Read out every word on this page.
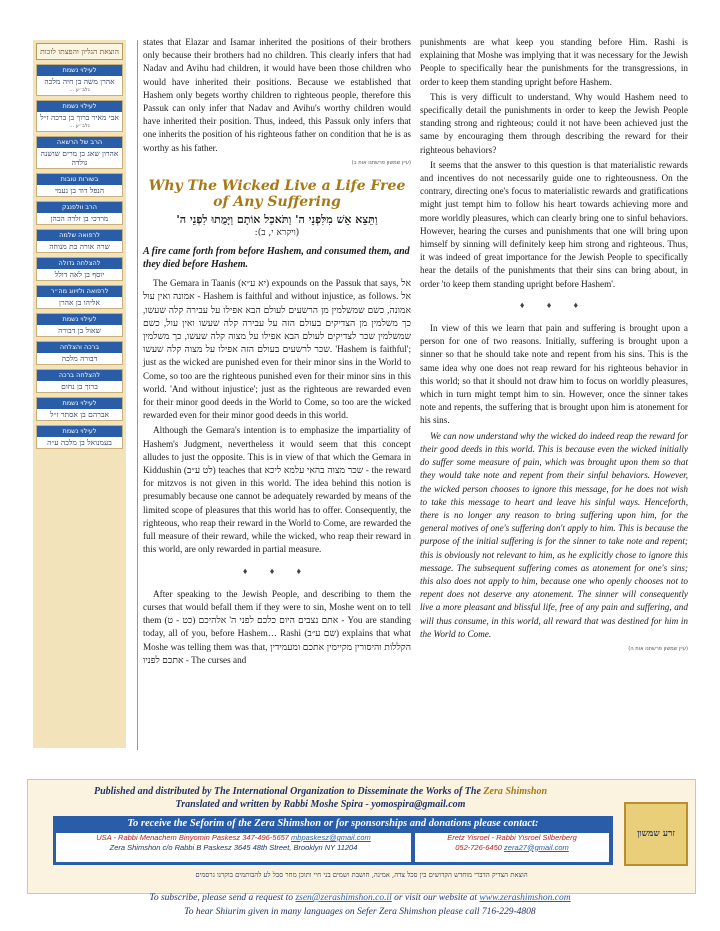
הוצאת הגליון והפצתו לזכות
לעילוי נשמת
אהרן משה בן חיה מלכה
נלב״ע ...
לעילוי נשמת
אבי מאיר ברוך בן ברכה ז״ל
נלב״ע ...
הרב של הרשאה
אהרון שאג בן מרים שושנה גולדה
בשורות טובות
הנפל דוד בן נעמי
הרב וולפנגק
מרדכי בן זלדה הכהן
לרפואה שלמה
שרה אורה בת מנוחה
להצלחה גדולה
יוסף בן לאה דולל
לרפואה ולזיווג מה״ר
אליהו בן אהרן
לעילוי נשמת
שאול בן דבורה
ברכה והצלחה
דבורה מלכה
להצלחה ברכה
ברוך בן נחום
לעילוי נשמת
אברהם בן אסתר ז״ל
לעילוי נשמת
בעמנואל בן מלכה ע״ה

states that Elazar and Isamar inherited the positions of their brothers only because their brothers had no children. This clearly infers that had Nadav and Avihu had children, it would have been those children who would have inherited their positions. Because we established that Hashem only begets worthy children to righteous people, therefore this Passuk can only infer that Nadav and Avihu's worthy children would have inherited their position. Thus, indeed, this Passuk only infers that one inherits the position of his righteous father on condition that he is as worthy as his father.

(עיין שמשון פרשתנו אות ב)
Why The Wicked Live a Life Free of Any Suffering
וַתֵּצֵא אֵשׁ מִלִּפְנֵי ה' וַתֹּאכַל אוֹתָם וַיָּמֻתוּ לִפְנֵי ה'
(ויקרא י, ב):
A fire came forth from before Hashem, and consumed them, and they died before Hashem.

The Gemara in Taanis (יא ע״א) expounds on the Passuk that says, אל אמונה ואין עול - Hashem is faithful and without injustice, as follows. אל אמונה, כשם שמשלמין מן הרשעים לעולם הבא אפילו על עבירה קלה שעשו, כך משלמין מן הצדיקים בעולם הזה על עבירה קלה שעשו ואין עול, כשם שמשלמין שכר לצדיקים לעולם הבא אפילו על מצוה קלה שעשו, כך משלמין שכר לרשעים בעולם הזה אפילו על מצוה קלה שעשו. 'Hashem is faithful'; just as the wicked are punished even for their minor sins in the World to Come, so too are the righteous punished even for their minor sins in this world. 'And without injustice'; just as the righteous are rewarded even for their minor good deeds in the World to Come, so too are the wicked rewarded even for their minor good deeds in this world.

Although the Gemara's intention is to emphasize the impartiality of Hashem's Judgment, nevertheless it would seem that this concept alludes to just the opposite. This is in view of that which the Gemara in Kiddushin (לט ע״ב) teaches that שכר מצוה בהאי עלמא ליכא - the reward for mitzvos is not given in this world. The idea behind this notion is presumably because one cannot be adequately rewarded by means of the limited scope of pleasures that this world has to offer. Consequently, the righteous, who reap their reward in the World to Come, are rewarded the full measure of their reward, while the wicked, who reap their reward in this world, are only rewarded in partial measure.

♦ ♦ ♦

After speaking to the Jewish People, and describing to them the curses that would befall them if they were to sin, Moshe went on to tell them אתם נצבים היום כלכם לפני ה' אלהיכם (כט - ט) - You are standing today, all of you, before Hashem… Rashi (שם ע״ב) explains that what Moshe was telling them was that, הקללות והיסורין מקיימין אתכם ומעמידין אתכם לפניו - The curses and

punishments are what keep you standing before Him. Rashi is explaining that Moshe was implying that it was necessary for the Jewish People to specifically hear the punishments for the transgressions, in order to keep them standing upright before Hashem.

This is very difficult to understand. Why would Hashem need to specifically detail the punishments in order to keep the Jewish People standing strong and righteous; could it not have been achieved just the same by encouraging them through describing the reward for their righteous behaviors?

It seems that the answer to this question is that materialistic rewards and incentives do not necessarily guide one to righteousness. On the contrary, directing one's focus to materialistic rewards and gratifications might just tempt him to follow his heart towards achieving more and more worldly pleasures, which can clearly bring one to sinful behaviors. However, hearing the curses and punishments that one will bring upon himself by sinning will definitely keep him strong and righteous. Thus, it was indeed of great importance for the Jewish People to specifically hear the details of the punishments that their sins can bring about, in order 'to keep them standing upright before Hashem'.

♦ ♦ ♦

In view of this we learn that pain and suffering is brought upon a person for one of two reasons. Initially, suffering is brought upon a sinner so that he should take note and repent from his sins. This is the same idea why one does not reap reward for his righteous behavior in this world; so that it should not draw him to focus on worldly pleasures, which in turn might tempt him to sin. However, once the sinner takes note and repents, the suffering that is brought upon him is atonement for his sins.

We can now understand why the wicked do indeed reap the reward for their good deeds in this world. This is because even the wicked initially do suffer some measure of pain, which was brought upon them so that they would take note and repent from their sinful behaviors. However, the wicked person chooses to ignore this message, for he does not wish to take this message to heart and leave his sinful ways. Henceforth, there is no longer any reason to bring suffering upon him, for the general motives of one's suffering don't apply to him. This is because the purpose of the initial suffering is for the sinner to take note and repent; this is obviously not relevant to him, as he explicitly chose to ignore this message. The subsequent suffering comes as atonement for one's sins; this also does not apply to him, because one who openly chooses not to repent does not deserve any atonement. The sinner will consequently live a more pleasant and blissful life, free of any pain and suffering, and will thus consume, in this world, all reward that was destined for him in the World to Come.

(עיין שמשון פרשתנו אות ה)
Published and distributed by The International Organization to Disseminate the Works of The Zera Shimshon
Translated and written by Rabbi Moshe Spira - yomospira@gmail.com
To receive the Seforim of the Zera Shimshon or for sponsorships and donations please contact:
USA - Rabbi Menachem Binyomin Paskesz 347-496-5657 mbpaskesz@gmail.com
Zera Shimshon c/o Rabbi B Paskesz 3645 48th Street, Brooklyn NY 11204
Eretz Yisroel - Rabbi Yisroel Silberberg
052-726-6450 zera27@gmail.com
זרע שמשון
הוצאת הצדיק הדברי מוחדש הקדושים בין סכל צדה, אמינה, חושבת ושמים בני חיי ותוכן מחר סבל לע להבותמים בוקרנו גרסמים
To subscribe, please send a request to zsen@zerashimshon.co.il or visit our website at www.zerashimshon.com
To hear Shiurim given in many languages on Sefer Zera Shimshon please call 716-229-4808
